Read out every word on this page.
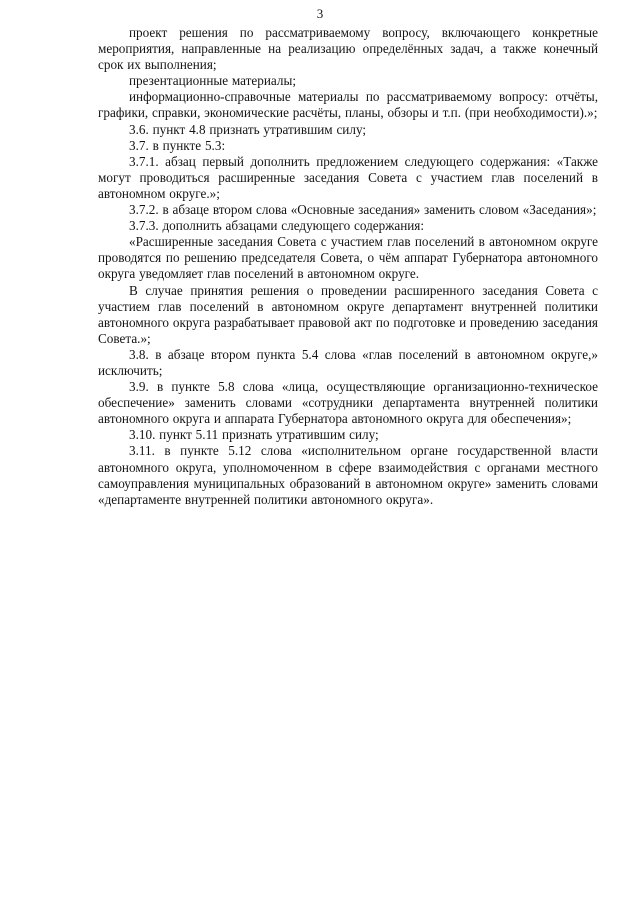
3

проект решения по рассматриваемому вопросу, включающего конкретные мероприятия, направленные на реализацию определённых задач, а также конечный срок их выполнения;

презентационные материалы;

информационно-справочные материалы по рассматриваемому вопросу: отчёты, графики, справки, экономические расчёты, планы, обзоры и т.п. (при необходимости).»;

3.6. пункт 4.8 признать утратившим силу;

3.7. в пункте 5.3:

3.7.1. абзац первый дополнить предложением следующего содержания: «Также могут проводиться расширенные заседания Совета с участием глав поселений в автономном округе.»;

3.7.2. в абзаце втором слова «Основные заседания» заменить словом «Заседания»;

3.7.3. дополнить абзацами следующего содержания:

«Расширенные заседания Совета с участием глав поселений в автономном округе проводятся по решению председателя Совета, о чём аппарат Губернатора автономного округа уведомляет глав поселений в автономном округе.

В случае принятия решения о проведении расширенного заседания Совета с участием глав поселений в автономном округе департамент внутренней политики автономного округа разрабатывает правовой акт по подготовке и проведению заседания Совета.»;

3.8. в абзаце втором пункта 5.4 слова «глав поселений в автономном округе,» исключить;

3.9. в пункте 5.8 слова «лица, осуществляющие организационно-техническое обеспечение» заменить словами «сотрудники департамента внутренней политики автономного округа и аппарата Губернатора автономного округа для обеспечения»;

3.10. пункт 5.11 признать утратившим силу;

3.11. в пункте 5.12 слова «исполнительном органе государственной власти автономного округа, уполномоченном в сфере взаимодействия с органами местного самоуправления муниципальных образований в автономном округе» заменить словами «департаменте внутренней политики автономного округа».
